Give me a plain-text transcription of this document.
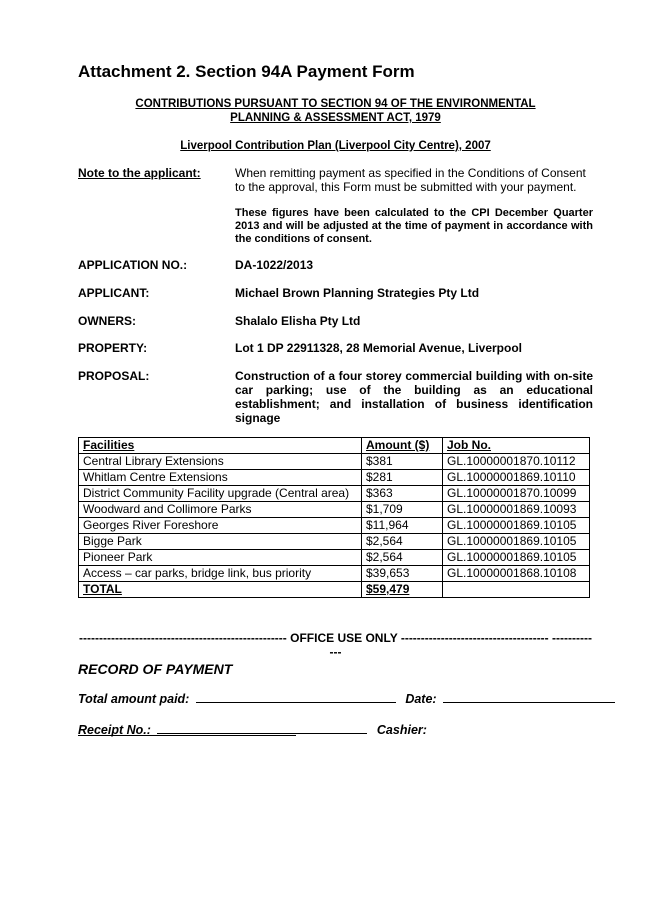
Attachment 2. Section 94A Payment Form
CONTRIBUTIONS PURSUANT TO SECTION 94 OF THE ENVIRONMENTAL
PLANNING & ASSESSMENT ACT, 1979
Liverpool Contribution Plan (Liverpool City Centre), 2007
Note to the applicant:	When remitting payment as specified in the Conditions of Consent to the approval, this Form must be submitted with your payment.
These figures have been calculated to the CPI December Quarter 2013 and will be adjusted at the time of payment in accordance with the conditions of consent.
APPLICATION NO.:	DA-1022/2013
APPLICANT:	Michael Brown Planning Strategies Pty Ltd
OWNERS:	Shalalo Elisha Pty Ltd
PROPERTY:	Lot 1 DP 22911328, 28 Memorial Avenue, Liverpool
PROPOSAL:	Construction of a four storey commercial building with on-site car parking; use of the building as an educational establishment; and installation of business identification signage
Facilities	Amount ($)	Job No.
Central Library Extensions	$381	GL.10000001870.10112
Whitlam Centre Extensions	$281	GL.10000001869.10110
District Community Facility upgrade (Central area)	$363	GL.10000001870.10099
Woodward and Collimore Parks	$1,709	GL.10000001869.10093
Georges River Foreshore	$11,964	GL.10000001869.10105
Bigge Park	$2,564	GL.10000001869.10105
Pioneer Park	$2,564	GL.10000001869.10105
Access – car parks, bridge link, bus priority	$39,653	GL.10000001868.10108
TOTAL	$59,479	
---------------------------------------------------- OFFICE USE ONLY ------------------------------------- -------------
RECORD OF PAYMENT
Total amount paid:	Date:
Receipt No.:	Cashier:
